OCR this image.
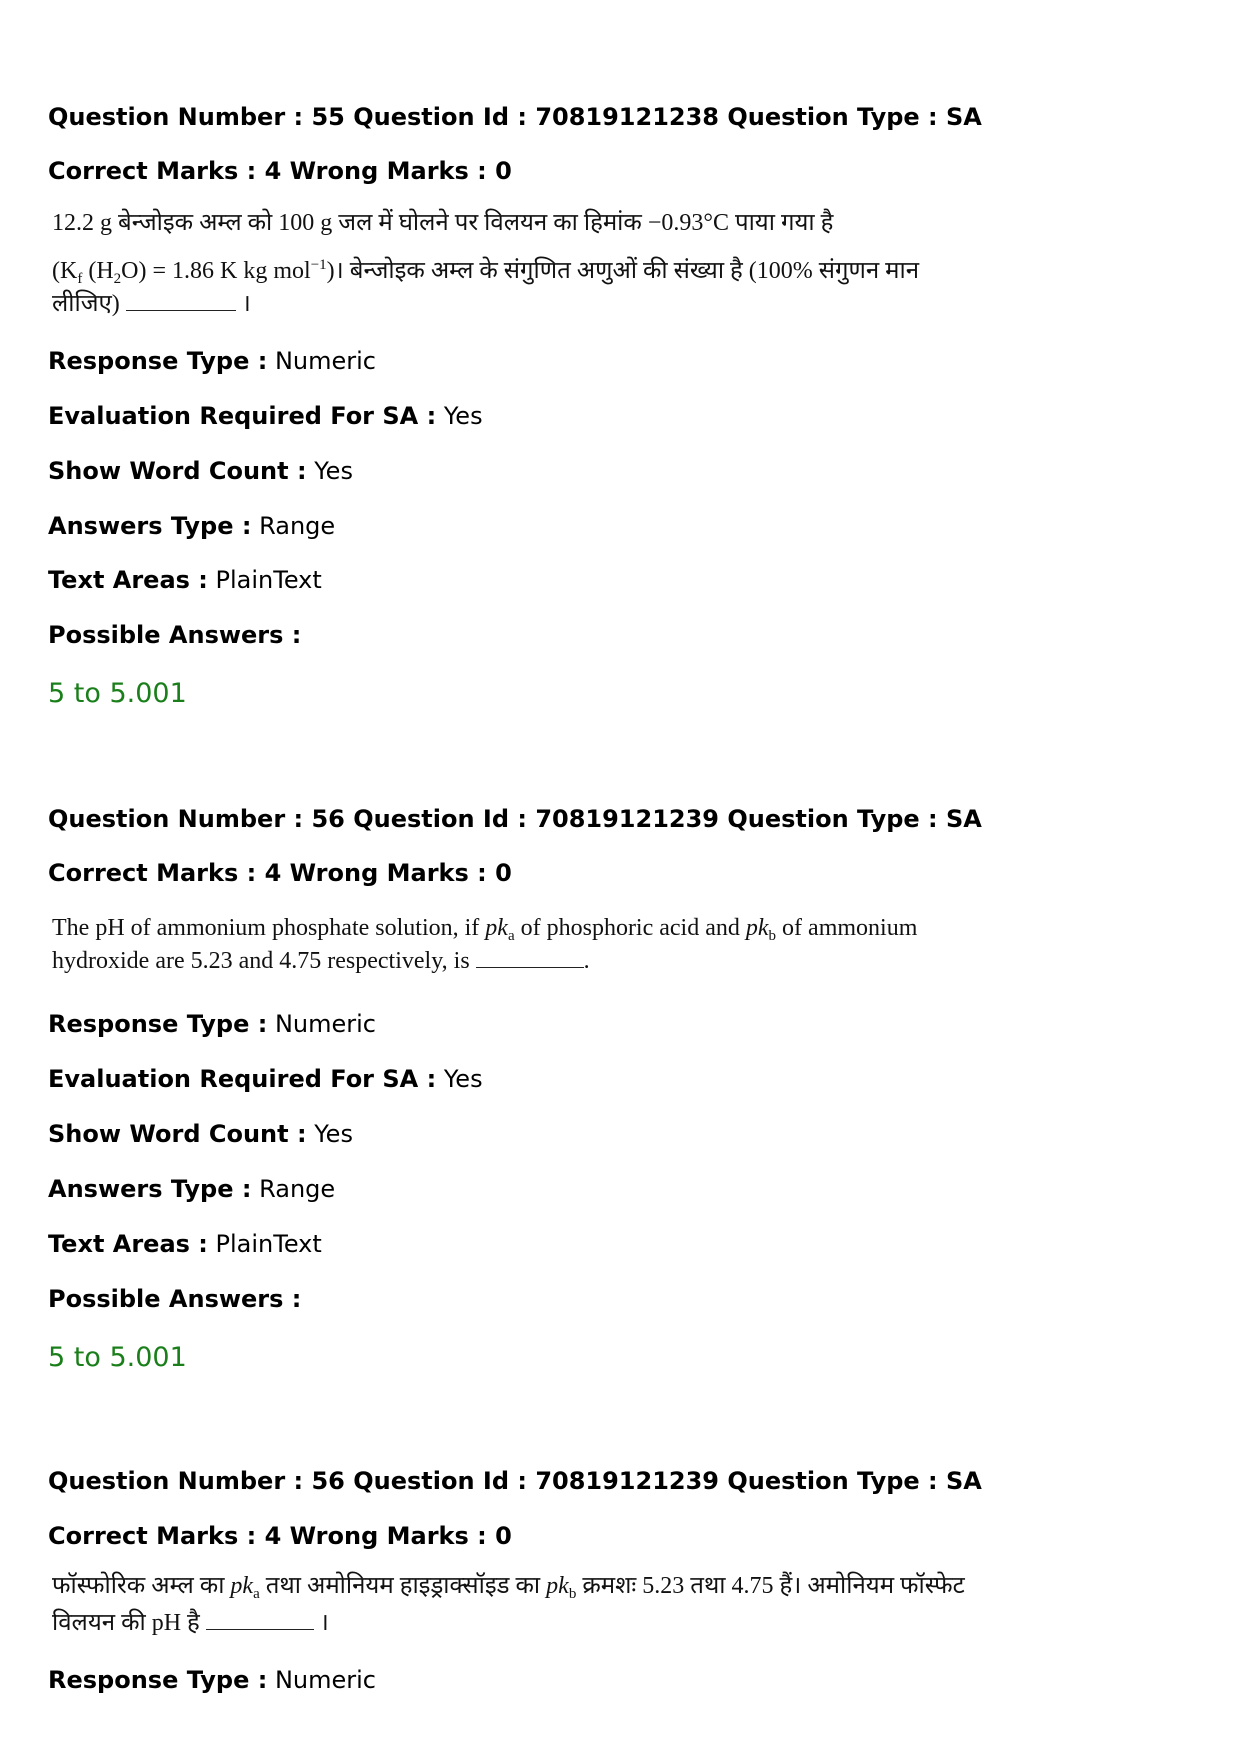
Question Number : 55 Question Id : 70819121238 Question Type : SA
Correct Marks : 4 Wrong Marks : 0
12.2 g बेन्जोइक अम्ल को 100 g जल में घोलने पर विलयन का हिमांक −0.93°C पाया गया है
($K_f$ $(H_2O) = 1.86$ K kg mol$^{-1}$)। बेन्जोइक अम्ल के संगुणित अणुओं की संख्या है (100% संगुणन मान
लीजिए)	।
Response Type : Numeric
Evaluation Required For SA : Yes
Show Word Count : Yes
Answers Type : Range
Text Areas : PlainText
Possible Answers :
5 to 5.001
Question Number : 56 Question Id : 70819121239 Question Type : SA
Correct Marks : 4 Wrong Marks : 0
The pH of ammonium phosphate solution, if $pk_a$ of phosphoric acid and $pk_b$ of ammonium
hydroxide are 5.23 and 4.75 respectively, is	.
Response Type : Numeric
Evaluation Required For SA : Yes
Show Word Count : Yes
Answers Type : Range
Text Areas : PlainText
Possible Answers :
5 to 5.001
Question Number : 56 Question Id : 70819121239 Question Type : SA
Correct Marks : 4 Wrong Marks : 0
फॉस्फोरिक अम्ल का $pk_a$ तथा अमोनियम हाइड्राक्सॉइड का $pk_b$ क्रमशः 5.23 तथा 4.75 हैं। अमोनियम फॉस्फेट
विलयन की pH है	।
Response Type : Numeric
